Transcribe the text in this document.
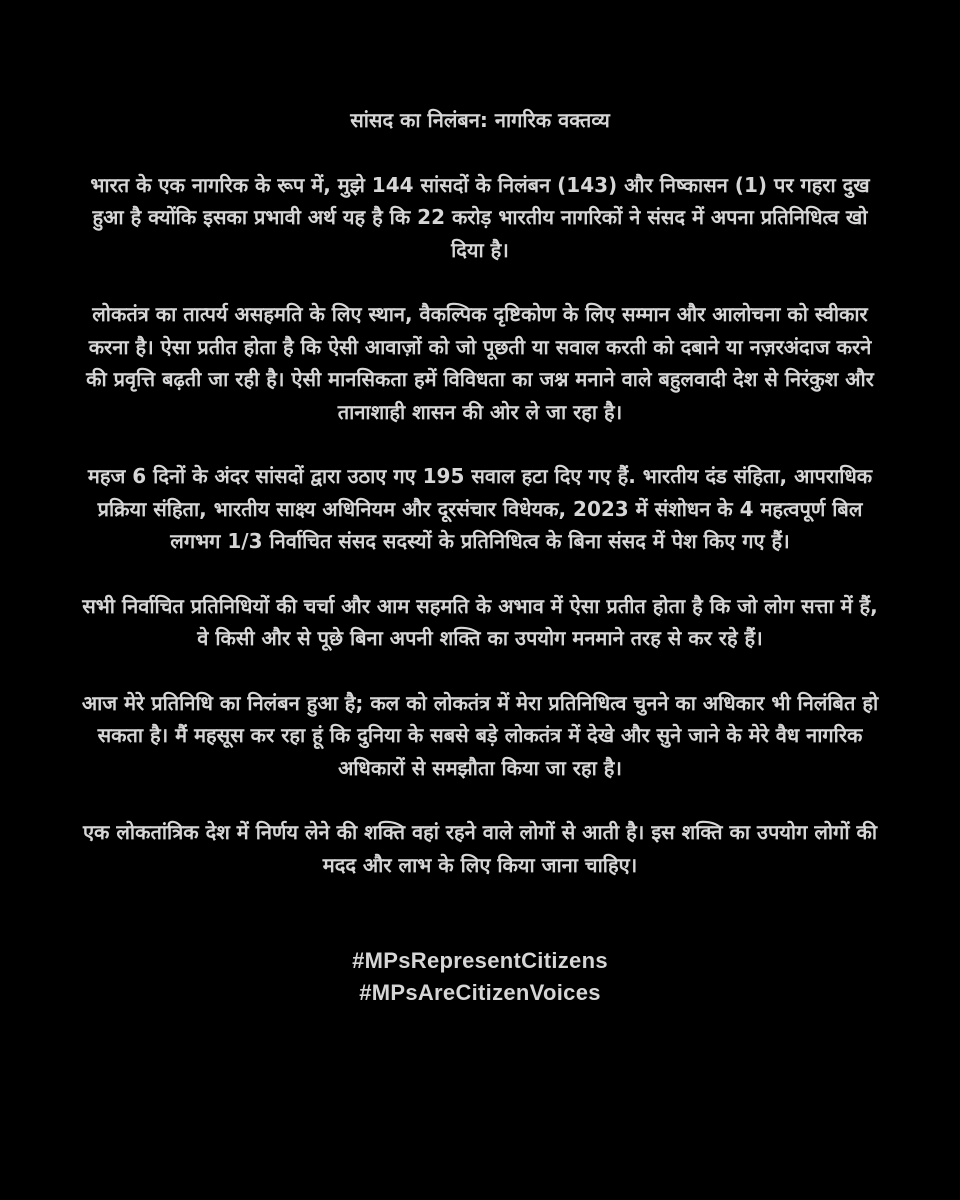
सांसद का निलंबन: नागरिक वक्तव्य

भारत के एक नागरिक के रूप में, मुझे 144 सांसदों के निलंबन (143) और निष्कासन (1) पर गहरा दुख हुआ है क्योंकि इसका प्रभावी अर्थ यह है कि 22 करोड़ भारतीय नागरिकों ने संसद में अपना प्रतिनिधित्व खो दिया है।

लोकतंत्र का तात्पर्य असहमति के लिए स्थान, वैकल्पिक दृष्टिकोण के लिए सम्मान और आलोचना को स्वीकार करना है। ऐसा प्रतीत होता है कि ऐसी आवाज़ों को जो पूछती या सवाल करती को दबाने या नज़रअंदाज करने की प्रवृत्ति बढ़ती जा रही है। ऐसी मानसिकता हमें विविधता का जश्न मनाने वाले बहुलवादी देश से निरंकुश और तानाशाही शासन की ओर ले जा रहा है।

महज 6 दिनों के अंदर सांसदों द्वारा उठाए गए 195 सवाल हटा दिए गए हैं. भारतीय दंड संहिता, आपराधिक प्रक्रिया संहिता, भारतीय साक्ष्य अधिनियम और दूरसंचार विधेयक, 2023 में संशोधन के 4 महत्वपूर्ण बिल लगभग 1/3 निर्वाचित संसद सदस्यों के प्रतिनिधित्व के बिना संसद में पेश किए गए हैं।

सभी निर्वाचित प्रतिनिधियों की चर्चा और आम सहमति के अभाव में ऐसा प्रतीत होता है कि जो लोग सत्ता में हैं, वे किसी और से पूछे बिना अपनी शक्ति का उपयोग मनमाने तरह से कर रहे हैं।

आज मेरे प्रतिनिधि का निलंबन हुआ है; कल को लोकतंत्र में मेरा प्रतिनिधित्व चुनने का अधिकार भी निलंबित हो सकता है। मैं महसूस कर रहा हूं कि दुनिया के सबसे बड़े लोकतंत्र में देखे और सुने जाने के मेरे वैध नागरिक अधिकारों से समझौता किया जा रहा है।

एक लोकतांत्रिक देश में निर्णय लेने की शक्ति वहां रहने वाले लोगों से आती है। इस शक्ति का उपयोग लोगों की मदद और लाभ के लिए किया जाना चाहिए।

#MPsRepresentCitizens
#MPsAreCitizenVoices
